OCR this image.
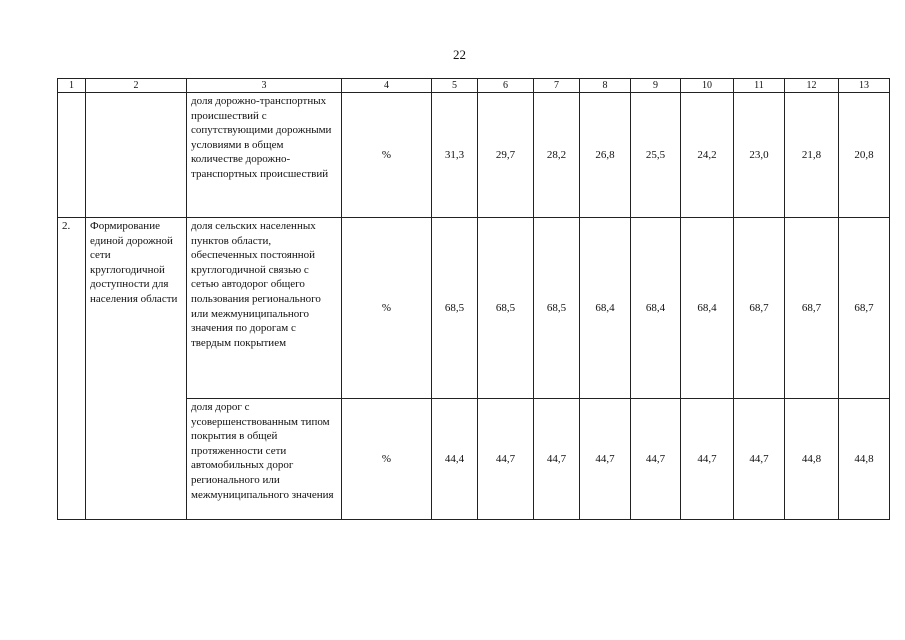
22
1	2	3	4	5	6	7	8	9	10	11	12	13
		доля дорожно-транспортных происшествий с сопутствующими дорожными условиями в общем количестве дорожно-транспортных происшествий	%	31,3	29,7	28,2	26,8	25,5	24,2	23,0	21,8	20,8
2.	Формирование единой дорожной сети круглогодичной доступности для населения области	доля сельских населенных пунктов области, обеспеченных постоянной круглогодичной связью с сетью автодорог общего пользования регионального или межмуниципального значения по дорогам с твердым покрытием	%	68,5	68,5	68,5	68,4	68,4	68,4	68,7	68,7	68,7
		доля дорог с усовершенствованным типом покрытия в общей протяженности сети автомобильных дорог регионального или межмуниципального значения	%	44,4	44,7	44,7	44,7	44,7	44,7	44,7	44,8	44,8
